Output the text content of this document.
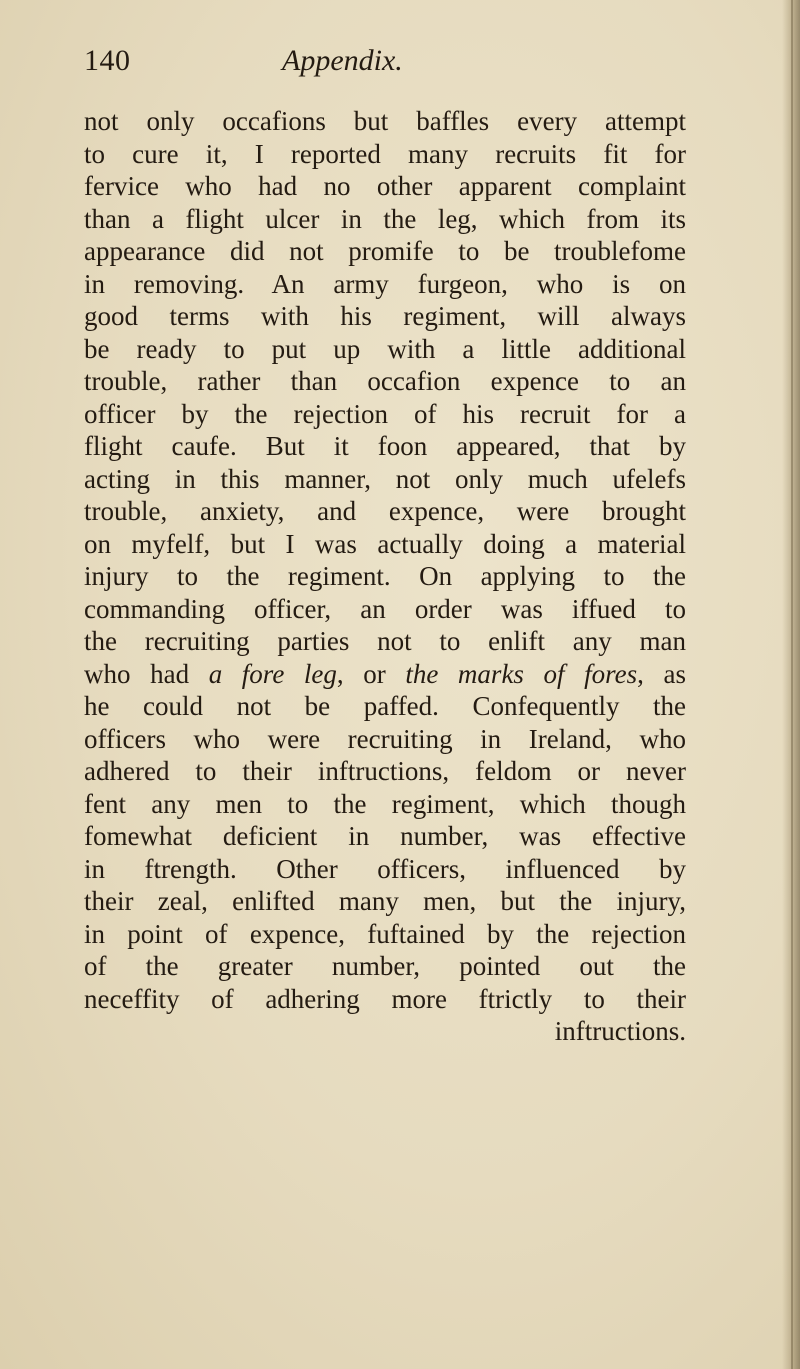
140	Appendix.
not only occafions but baffles every attempt
to cure it, I reported many recruits fit for
fervice who had no other apparent complaint
than a flight ulcer in the leg, which from its
appearance did not promife to be troublefome
in removing. An army furgeon, who is on
good terms with his regiment, will always
be ready to put up with a little additional
trouble, rather than occafion expence to an
officer by the rejection of his recruit for a
flight caufe. But it foon appeared, that by
acting in this manner, not only much ufelefs
trouble, anxiety, and expence, were brought
on myfelf, but I was actually doing a material
injury to the regiment. On applying to the
commanding officer, an order was iffued to
the recruiting parties not to enlift any man
who had a fore leg, or the marks of fores, as
he could not be paffed. Confequently the
officers who were recruiting in Ireland, who
adhered to their inftructions, feldom or never
fent any men to the regiment, which though
fomewhat deficient in number, was effective
in ftrength. Other officers, influenced by
their zeal, enlifted many men, but the injury,
in point of expence, fuftained by the rejection
of the greater number, pointed out the
neceffity of adhering more ftrictly to their
inftructions.
